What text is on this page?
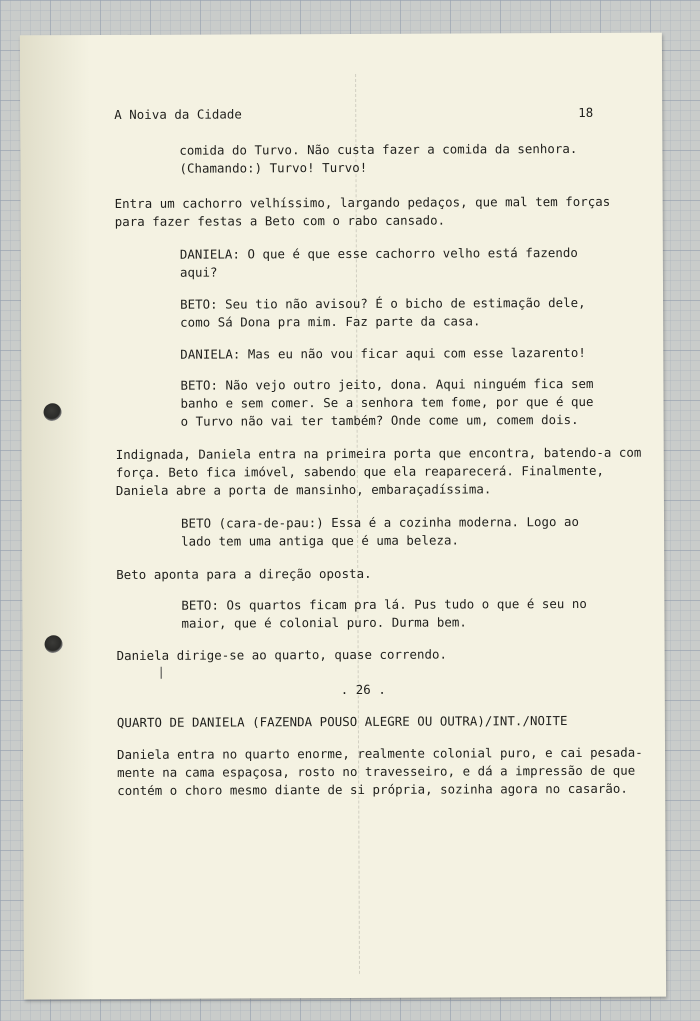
A Noiva da Cidade	18
comida do Turvo. Não custa fazer a comida da senhora.
(Chamando:) Turvo! Turvo!
Entra um cachorro velhíssimo, largando pedaços, que mal tem forças
para fazer festas a Beto com o rabo cansado.
DANIELA: O que é que esse cachorro velho está fazendo
aqui?
BETO: Seu tio não avisou? É o bicho de estimação dele,
como Sá Dona pra mim. Faz parte da casa.
DANIELA: Mas eu não vou ficar aqui com esse lazarento!
BETO: Não vejo outro jeito, dona. Aqui ninguém fica sem
banho e sem comer. Se a senhora tem fome, por que é que
o Turvo não vai ter também? Onde come um, comem dois.
Indignada, Daniela entra na primeira porta que encontra, batendo-a com
força. Beto fica imóvel, sabendo que ela reaparecerá. Finalmente,
Daniela abre a porta de mansinho, embaraçadíssima.
BETO (cara-de-pau:) Essa é a cozinha moderna. Logo ao
lado tem uma antiga que é uma beleza.
Beto aponta para a direção oposta.
BETO: Os quartos ficam pra lá. Pus tudo o que é seu no
maior, que é colonial puro. Durma bem.
Daniela dirige-se ao quarto, quase correndo.
. 26 .
QUARTO DE DANIELA (FAZENDA POUSO ALEGRE OU OUTRA)/INT./NOITE
Daniela entra no quarto enorme, realmente colonial puro, e cai pesada-
mente na cama espaçosa, rosto no travesseiro, e dá a impressão de que
contém o choro mesmo diante de si própria, sozinha agora no casarão.
